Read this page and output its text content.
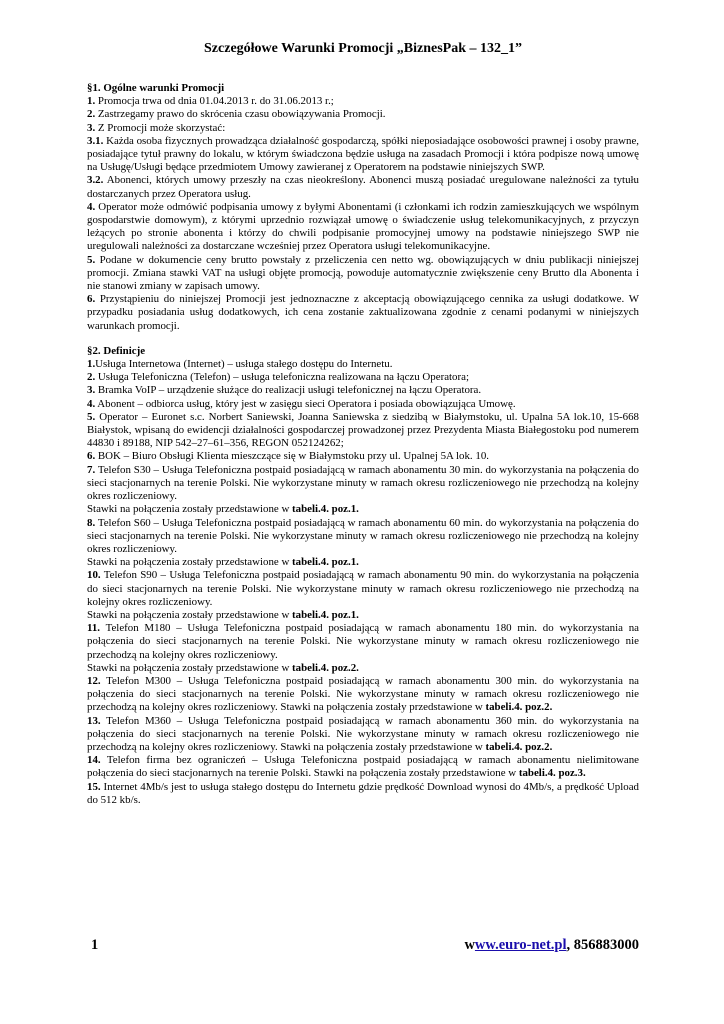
Szczegółowe Warunki Promocji „BiznesPak – 132_1”
§1. Ogólne warunki Promocji
1. Promocja trwa od dnia 01.04.2013 r. do 31.06.2013 r.;
2. Zastrzegamy prawo do skrócenia czasu obowiązywania Promocji.
3. Z Promocji może skorzystać:
3.1. Każda osoba fizycznych prowadząca działalność gospodarczą, spółki nieposiadające osobowości prawnej i osoby prawne, posiadające tytuł prawny do lokalu, w którym świadczona będzie usługa na zasadach Promocji i która podpisze nową umowę na Usługę/Usługi będące przedmiotem Umowy zawieranej z Operatorem na podstawie niniejszych SWP.
3.2. Abonenci, których umowy przeszły na czas nieokreślony. Abonenci muszą posiadać uregulowane należności za tytułu dostarczanych przez Operatora usług.
4. Operator może odmówić podpisania umowy z byłymi Abonentami (i członkami ich rodzin zamieszkujących we wspólnym gospodarstwie domowym), z którymi uprzednio rozwiązał umowę o świadczenie usług telekomunikacyjnych, z przyczyn leżących po stronie abonenta i którzy do chwili podpisanie promocyjnej umowy na podstawie niniejszego SWP nie uregulowali należności za dostarczane wcześniej przez Operatora usługi telekomunikacyjne.
5. Podane w dokumencie ceny brutto powstały z przeliczenia cen netto wg. obowiązujących w dniu publikacji niniejszej promocji. Zmiana stawki VAT na usługi objęte promocją, powoduje automatycznie zwiększenie ceny Brutto dla Abonenta i nie stanowi zmiany w zapisach umowy.
6. Przystąpieniu do niniejszej Promocji jest jednoznaczne z akceptacją obowiązującego cennika za usługi dodatkowe. W przypadku posiadania usług dodatkowych, ich cena zostanie zaktualizowana zgodnie z cenami podanymi w niniejszych warunkach promocji.
§2. Definicje
1.Usługa Internetowa (Internet) – usługa stałego dostępu do Internetu.
2. Usługa Telefoniczna (Telefon) – usługa telefoniczna realizowana na łączu Operatora;
3. Bramka VoIP – urządzenie służące do realizacji usługi telefonicznej na łączu Operatora.
4. Abonent – odbiorca usług, który jest w zasięgu sieci Operatora i posiada obowiązująca Umowę.
5. Operator – Euronet s.c. Norbert Saniewski, Joanna Saniewska z siedzibą w Białymstoku, ul. Upalna 5A lok.10, 15-668 Białystok, wpisaną do ewidencji działalności gospodarczej prowadzonej przez Prezydenta Miasta Białegostoku pod numerem 44830 i 89188, NIP 542–27–61–356, REGON 052124262;
6. BOK – Biuro Obsługi Klienta mieszczące się w Białymstoku przy ul. Upalnej 5A lok. 10.
7. Telefon S30 – Usługa Telefoniczna postpaid posiadającą w ramach abonamentu 30 min. do wykorzystania na połączenia do sieci stacjonarnych na terenie Polski. Nie wykorzystane minuty w ramach okresu rozliczeniowego nie przechodzą na kolejny okres rozliczeniowy.
Stawki na połączenia zostały przedstawione w tabeli.4. poz.1.
8. Telefon S60 – Usługa Telefoniczna postpaid posiadającą w ramach abonamentu 60 min. do wykorzystania na połączenia do sieci stacjonarnych na terenie Polski. Nie wykorzystane minuty w ramach okresu rozliczeniowego nie przechodzą na kolejny okres rozliczeniowy.
Stawki na połączenia zostały przedstawione w tabeli.4. poz.1.
10. Telefon S90 – Usługa Telefoniczna postpaid posiadającą w ramach abonamentu 90 min. do wykorzystania na połączenia do sieci stacjonarnych na terenie Polski. Nie wykorzystane minuty w ramach okresu rozliczeniowego nie przechodzą na kolejny okres rozliczeniowy.
Stawki na połączenia zostały przedstawione w tabeli.4. poz.1.
11. Telefon M180 – Usługa Telefoniczna postpaid posiadającą w ramach abonamentu 180 min. do wykorzystania na połączenia do sieci stacjonarnych na terenie Polski. Nie wykorzystane minuty w ramach okresu rozliczeniowego nie przechodzą na kolejny okres rozliczeniowy.
Stawki na połączenia zostały przedstawione w tabeli.4. poz.2.
12. Telefon M300 – Usługa Telefoniczna postpaid posiadającą w ramach abonamentu 300 min. do wykorzystania na połączenia do sieci stacjonarnych na terenie Polski. Nie wykorzystane minuty w ramach okresu rozliczeniowego nie przechodzą na kolejny okres rozliczeniowy. Stawki na połączenia zostały przedstawione w tabeli.4. poz.2.
13. Telefon M360 – Usługa Telefoniczna postpaid posiadającą w ramach abonamentu 360 min. do wykorzystania na połączenia do sieci stacjonarnych na terenie Polski. Nie wykorzystane minuty w ramach okresu rozliczeniowego nie przechodzą na kolejny okres rozliczeniowy. Stawki na połączenia zostały przedstawione w tabeli.4. poz.2.
14. Telefon firma bez ograniczeń – Usługa Telefoniczna postpaid posiadającą w ramach abonamentu nielimitowane połączenia do sieci stacjonarnych na terenie Polski. Stawki na połączenia zostały przedstawione w tabeli.4. poz.3.
15. Internet 4Mb/s jest to usługa stałego dostępu do Internetu gdzie prędkość Download wynosi do 4Mb/s, a prędkość Upload do 512 kb/s.
1	www.euro-net.pl, 856883000
